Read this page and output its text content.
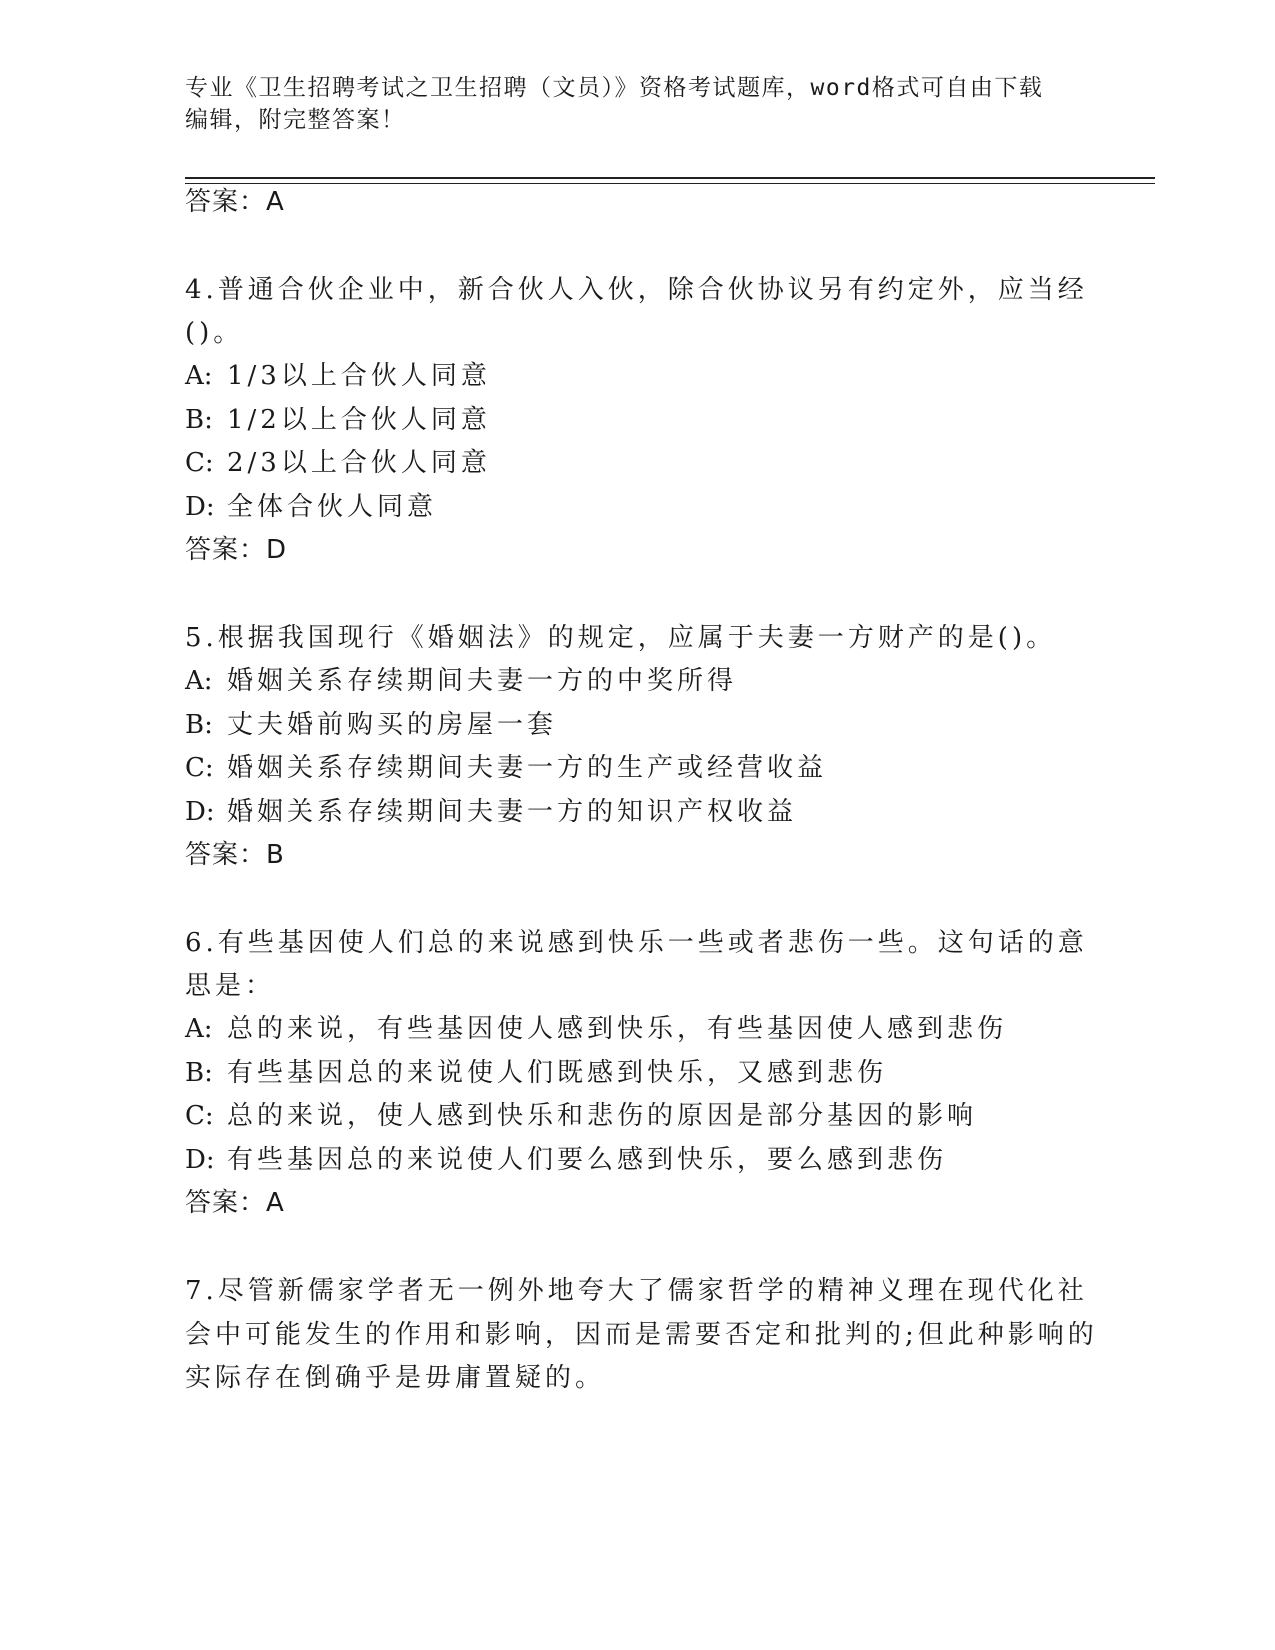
专业《卫生招聘考试之卫生招聘（文员）》资格考试题库，word格式可自由下载
编辑，附完整答案！
答案：A
4.普通合伙企业中，新合伙人入伙，除合伙协议另有约定外，应当经
()。
A: 1/3以上合伙人同意
B: 1/2以上合伙人同意
C: 2/3以上合伙人同意
D: 全体合伙人同意
答案：D
5.根据我国现行《婚姻法》的规定，应属于夫妻一方财产的是()。
A: 婚姻关系存续期间夫妻一方的中奖所得
B: 丈夫婚前购买的房屋一套
C: 婚姻关系存续期间夫妻一方的生产或经营收益
D: 婚姻关系存续期间夫妻一方的知识产权收益
答案：B
6.有些基因使人们总的来说感到快乐一些或者悲伤一些。这句话的意
思是：
A: 总的来说，有些基因使人感到快乐，有些基因使人感到悲伤
B: 有些基因总的来说使人们既感到快乐，又感到悲伤
C: 总的来说，使人感到快乐和悲伤的原因是部分基因的影响
D: 有些基因总的来说使人们要么感到快乐，要么感到悲伤
答案：A
7.尽管新儒家学者无一例外地夸大了儒家哲学的精神义理在现代化社
会中可能发生的作用和影响，因而是需要否定和批判的;但此种影响的
实际存在倒确乎是毋庸置疑的。
